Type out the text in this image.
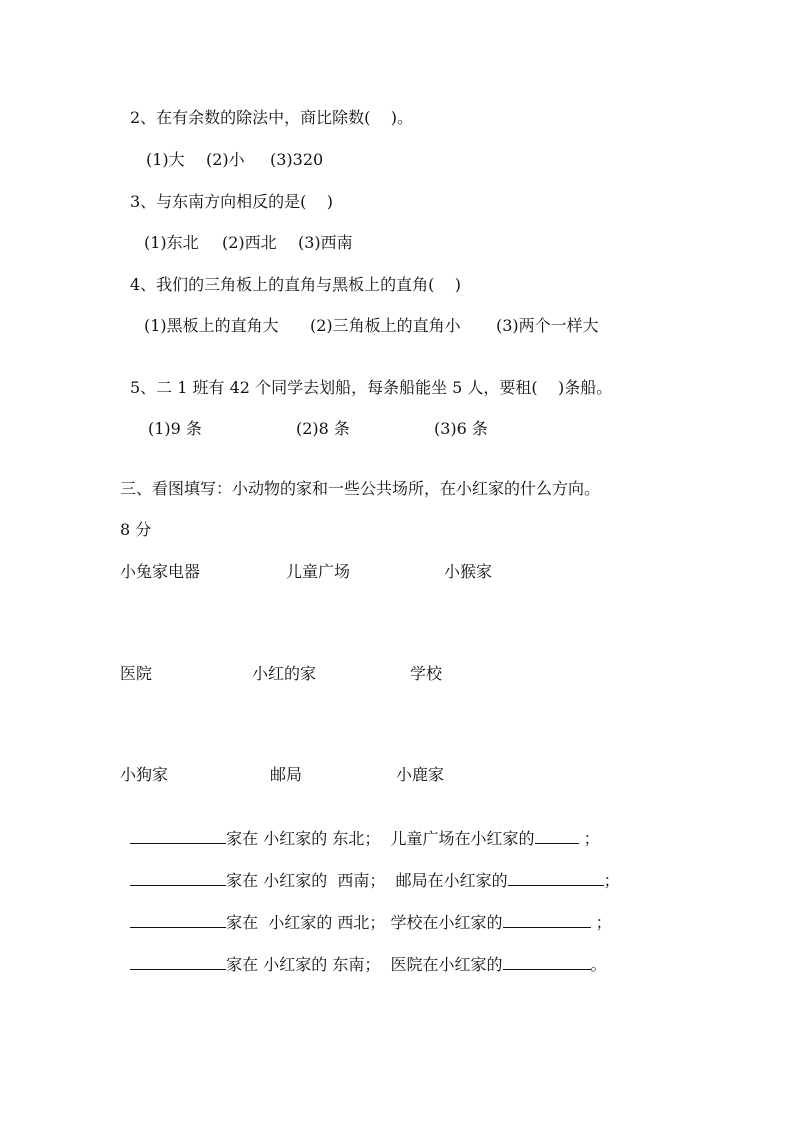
2、在有余数的除法中，商比除数(    )。
(1)大 (2)小 (3)320
3、与东南方向相反的是(    )
(1)东北 (2)西北 (3)西南
4、我们的三角板上的直角与黑板上的直角(    )
(1)黑板上的直角大 (2)三角板上的直角小 (3)两个一样大
5、二 1 班有 42 个同学去划船，每条船能坐 5 人，要租(    )条船。
(1)9 条	(2)8 条	(3)6 条
三、看图填写：小动物的家和一些公共场所，在小红家的什么方向。
8 分
小兔家电器	儿童广场	小猴家
医院	小红的家	学校
小狗家	邮局	小鹿家

家在 小红家的 东北； 儿童广场在小红家的	；

家在 小红家的  西南； 邮局在小红家的	；

家在  小红家的 西北； 学校在小红家的	；

家在 小红家的 东南； 医院在小红家的	。
